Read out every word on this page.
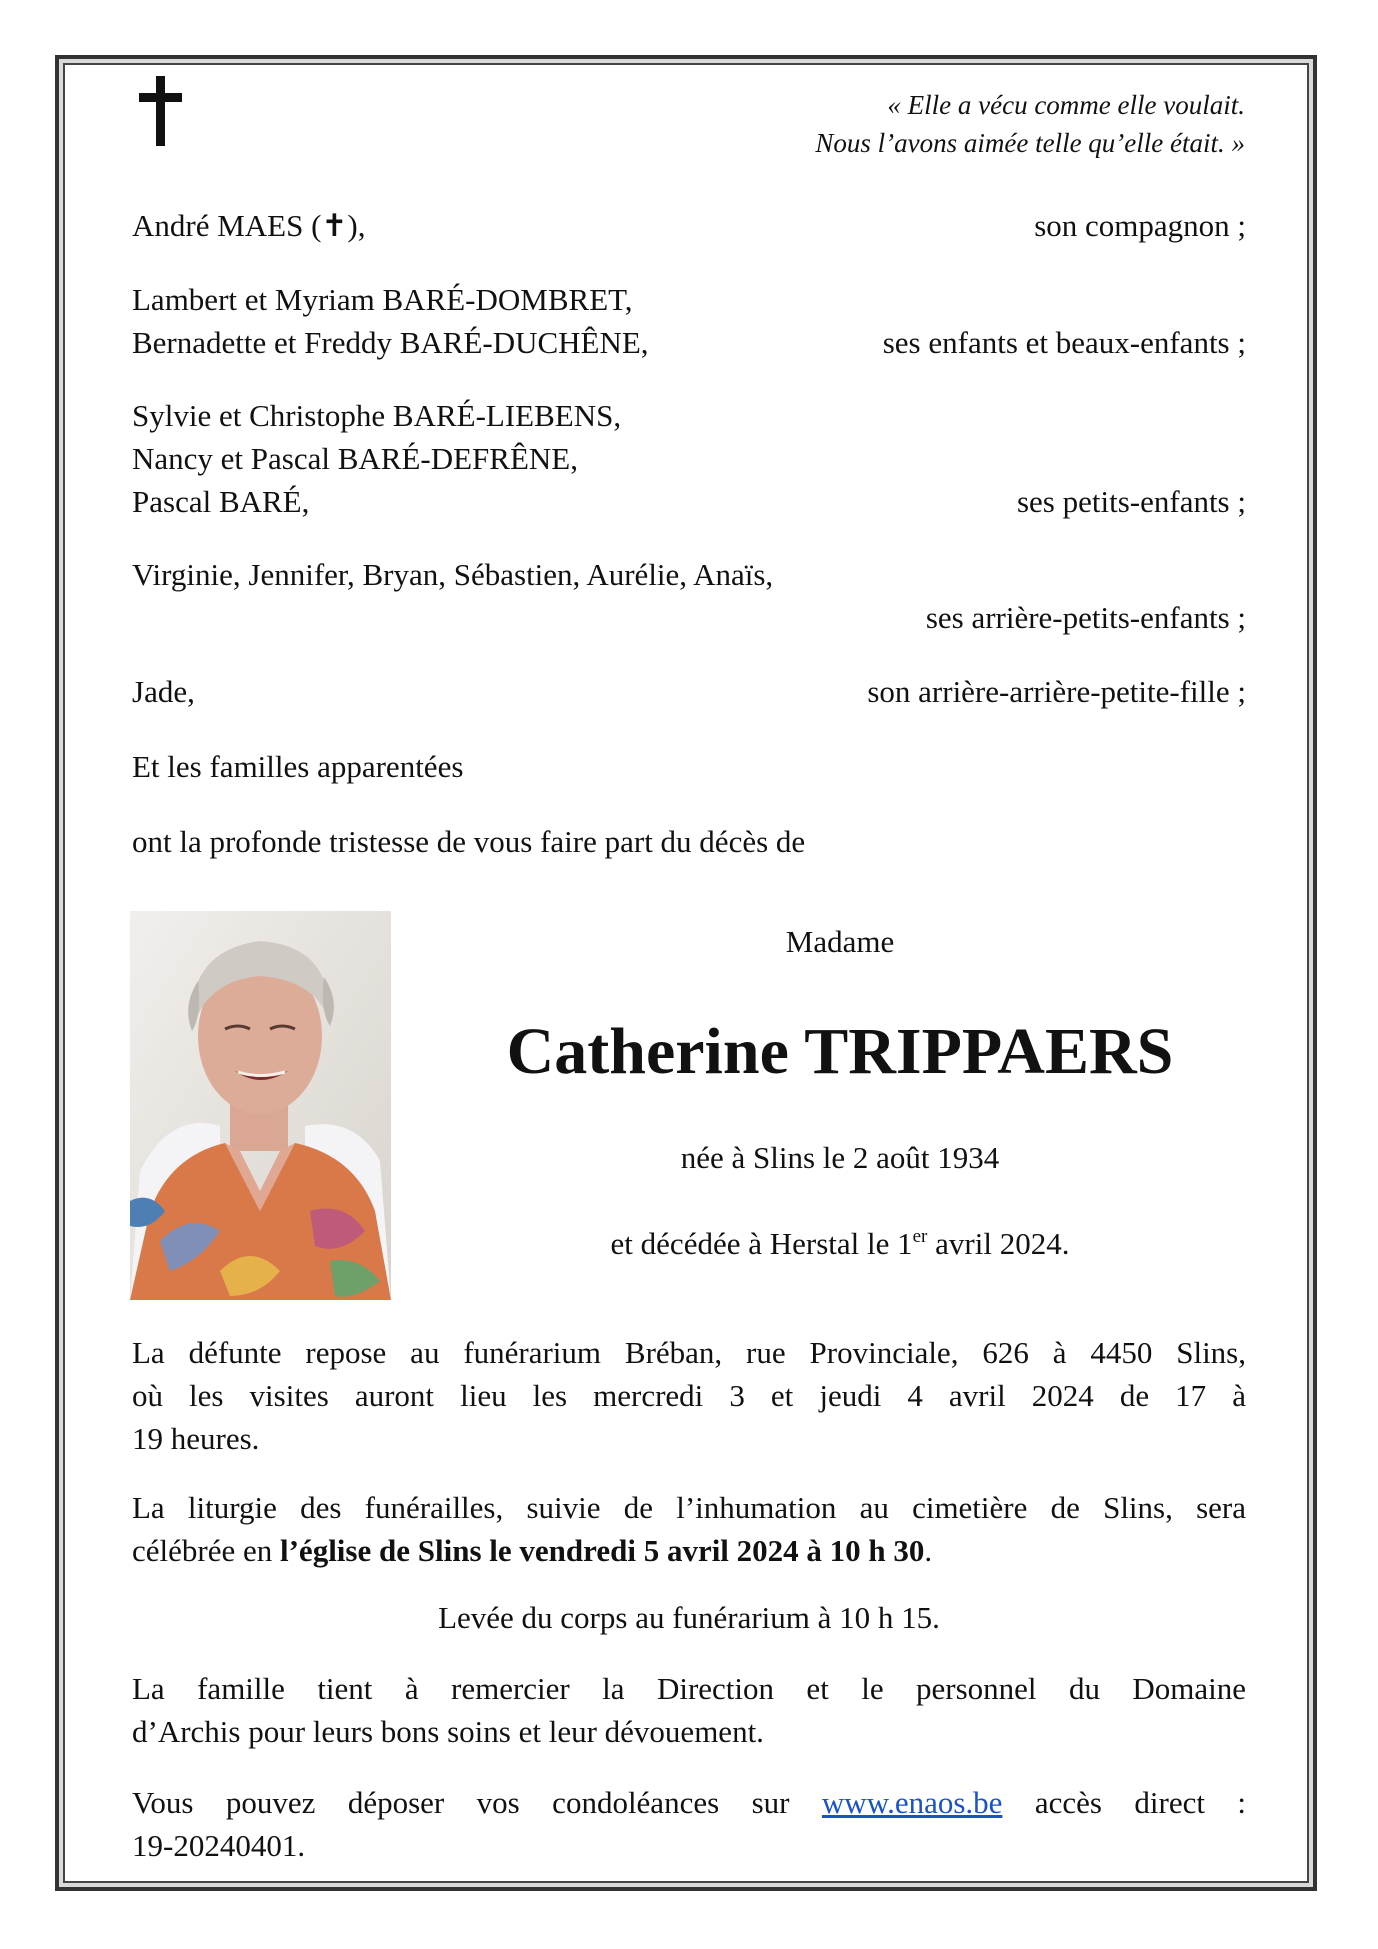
« Elle a vécu comme elle voulait.
Nous l’avons aimée telle qu’elle était. »
André MAES (✝),	son compagnon ;
Lambert et Myriam BARÉ-DOMBRET,
Bernadette et Freddy BARÉ-DUCHÊNE,	ses enfants et beaux-enfants ;
Sylvie et Christophe BARÉ-LIEBENS,
Nancy et Pascal BARÉ-DEFRÊNE,
Pascal BARÉ,	ses petits-enfants ;
Virginie, Jennifer, Bryan, Sébastien, Aurélie, Anaïs,
ses arrière-petits-enfants ;
Jade,	son arrière-arrière-petite-fille ;
Et les familles apparentées
ont la profonde tristesse de vous faire part du décès de
Madame
Catherine TRIPPAERS
née à Slins le 2 août 1934
et décédée à Herstal le 1er avril 2024.
La défunte repose au funérarium Bréban, rue Provinciale, 626 à 4450 Slins,
où les visites auront lieu les mercredi 3 et jeudi 4 avril 2024 de 17 à
19 heures.
La liturgie des funérailles, suivie de l’inhumation au cimetière de Slins, sera
célébrée en l’église de Slins le vendredi 5 avril 2024 à 10 h 30.
Levée du corps au funérarium à 10 h 15.
La famille tient à remercier la Direction et le personnel du Domaine
d’Archis pour leurs bons soins et leur dévouement.
Vous pouvez déposer vos condoléances sur www.enaos.be accès direct :
19-20240401.
